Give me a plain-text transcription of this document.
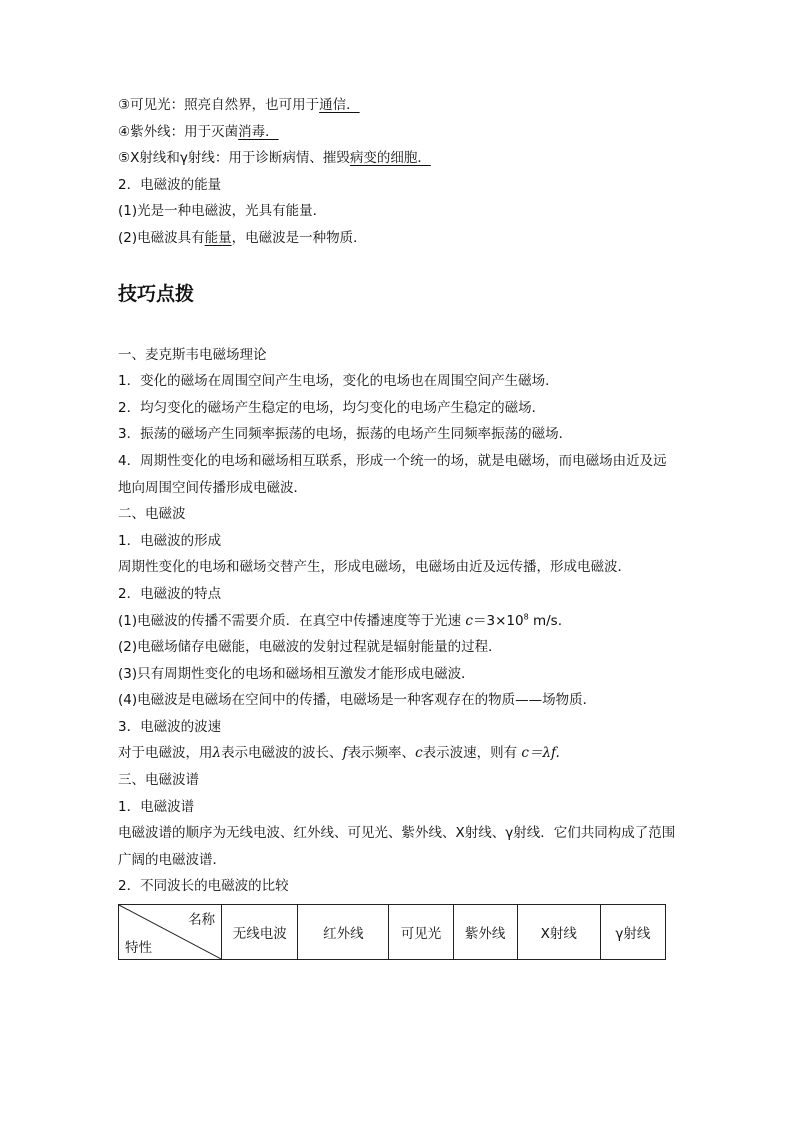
③可见光：照亮自然界，也可用于通信．
④紫外线：用于灭菌消毒．
⑤X射线和γ射线：用于诊断病情、摧毁病变的细胞．
2．电磁波的能量
(1)光是一种电磁波，光具有能量．
(2)电磁波具有能量，电磁波是一种物质．
技巧点拨
一、麦克斯韦电磁场理论
1．变化的磁场在周围空间产生电场，变化的电场也在周围空间产生磁场．
2．均匀变化的磁场产生稳定的电场，均匀变化的电场产生稳定的磁场．
3．振荡的磁场产生同频率振荡的电场，振荡的电场产生同频率振荡的磁场．
4．周期性变化的电场和磁场相互联系，形成一个统一的场，就是电磁场，而电磁场由近及远地向周围空间传播形成电磁波．
二、电磁波
1．电磁波的形成
周期性变化的电场和磁场交替产生，形成电磁场，电磁场由近及远传播，形成电磁波．
2．电磁波的特点
(1)电磁波的传播不需要介质．在真空中传播速度等于光速 $c=3\times 10^8$ m/s.
(2)电磁场储存电磁能，电磁波的发射过程就是辐射能量的过程．
(3)只有周期性变化的电场和磁场相互激发才能形成电磁波．
(4)电磁波是电磁场在空间中的传播，电磁场是一种客观存在的物质——场物质．
3．电磁波的波速
对于电磁波，用λ表示电磁波的波长、f表示频率、c表示波速，则有 c＝λf.
三、电磁波谱
1．电磁波谱
电磁波谱的顺序为无线电波、红外线、可见光、紫外线、X射线、γ射线．它们共同构成了范围广阔的电磁波谱．
2．不同波长的电磁波的比较
名称
特性
	无线电波	红外线	可见光	紫外线	X射线	γ射线
